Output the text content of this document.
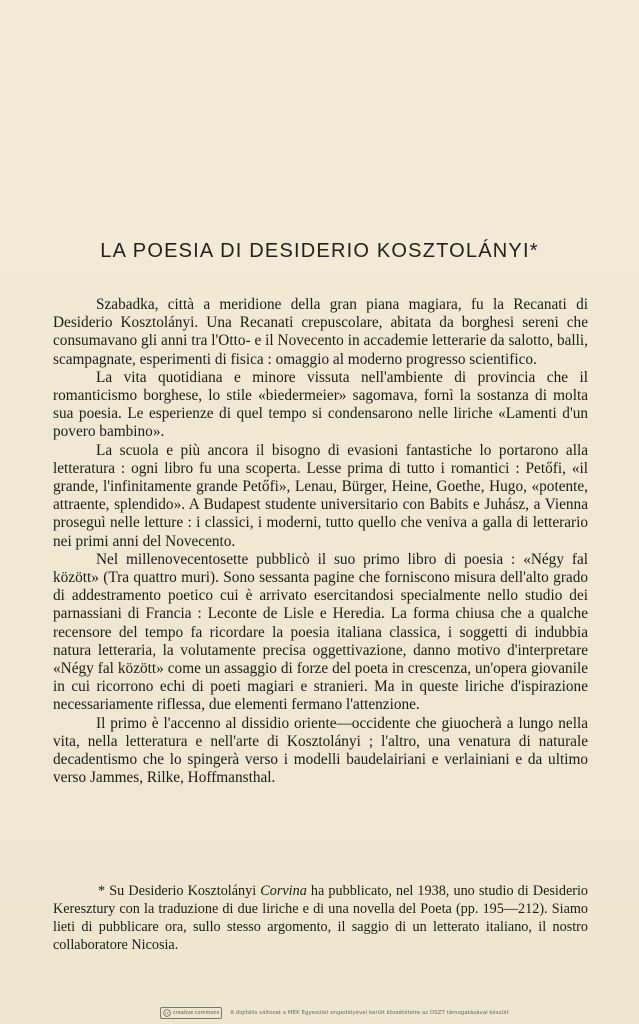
LA POESIA DI DESIDERIO KOSZTOLÁNYI*

Szabadka, città a meridione della gran piana magiara, fu la Recanati di Desiderio Kosztolányi. Una Recanati crepuscolare, abitata da borghesi sereni che consumavano gli anni tra l'Otto- e il Novecento in accademie letterarie da salotto, balli, scampagnate, esperimenti di fisica : omaggio al moderno progresso scientifico.

La vita quotidiana e minore vissuta nell'ambiente di provincia che il romanticismo borghese, lo stile «biedermeier» sagomava, fornì la sostanza di molta sua poesia. Le esperienze di quel tempo si condensarono nelle liriche «Lamenti d'un povero bambino».

La scuola e più ancora il bisogno di evasioni fantastiche lo portarono alla letteratura : ogni libro fu una scoperta. Lesse prima di tutto i romantici : Petőfi, «il grande, l'infinitamente grande Petőfi», Lenau, Bürger, Heine, Goethe, Hugo, «potente, attraente, splendido». A Budapest studente universitario con Babits e Juhász, a Vienna proseguì nelle letture : i classici, i moderni, tutto quello che veniva a galla di letterario nei primi anni del Novecento.

Nel millenovecentosette pubblicò il suo primo libro di poesia : «Négy fal között» (Tra quattro muri). Sono sessanta pagine che forniscono misura dell'alto grado di addestramento poetico cui è arrivato esercitandosi specialmente nello studio dei parnassiani di Francia : Leconte de Lisle e Heredia. La forma chiusa che a qualche recensore del tempo fa ricordare la poesia italiana classica, i soggetti di indubbia natura letteraria, la volutamente precisa oggettivazione, danno motivo d'interpretare «Négy fal között» come un assaggio di forze del poeta in crescenza, un'opera giovanile in cui ricorrono echi di poeti magiari e stranieri. Ma in queste liriche d'ispirazione necessariamente riflessa, due elementi fermano l'attenzione.

Il primo è l'accenno al dissidio oriente—occidente che giuocherà a lungo nella vita, nella letteratura e nell'arte di Kosztolányi ; l'altro, una venatura di naturale decadentismo che lo spingerà verso i modelli baudelairiani e verlainiani e da ultimo verso Jammes, Rilke, Hoffmansthal.

* Su Desiderio Kosztolányi Corvina ha pubblicato, nel 1938, uno studio di Desiderio Keresztury con la traduzione di due liriche e di una novella del Poeta (pp. 195—212). Siamo lieti di pubblicare ora, sullo stesso argomento, il saggio di un letterato italiano, il nostro collaboratore Nicosia.

cc creative commons A digitális változat a MEK Egyesület engedélyével került közzétételre az OSZT támogatásával készült
